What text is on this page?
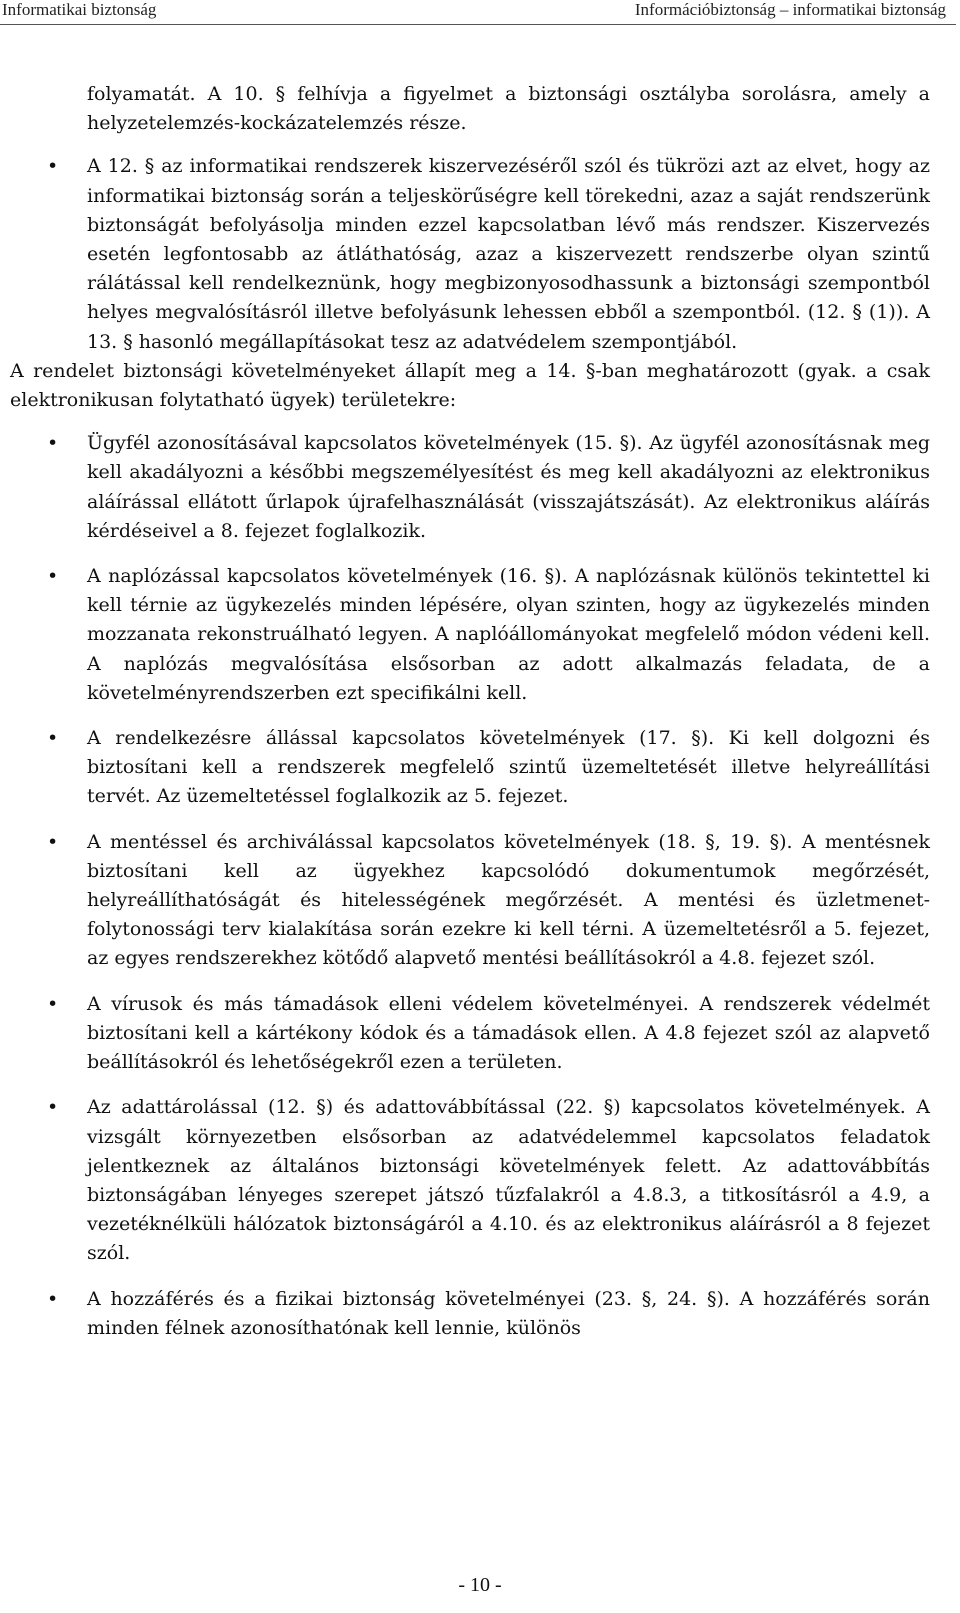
Informatikai biztonság	Információbiztonság – informatikai biztonság

folyamatát. A 10. § felhívja a figyelmet a biztonsági osztályba sorolásra, amely a helyzetelemzés-kockázatelemzés része.

• A 12. § az informatikai rendszerek kiszervezéséről szól és tükrözi azt az elvet, hogy az informatikai biztonság során a teljeskörűségre kell törekedni, azaz a saját rendszerünk biztonságát befolyásolja minden ezzel kapcsolatban lévő más rendszer. Kiszervezés esetén legfontosabb az átláthatóság, azaz a kiszervezett rendszerbe olyan szintű rálátással kell rendelkeznünk, hogy megbizonyosodhassunk a biztonsági szempontból helyes megvalósításról illetve befolyásunk lehessen ebből a szempontból. (12. § (1)). A 13. § hasonló megállapításokat tesz az adatvédelem szempontjából.

A rendelet biztonsági követelményeket állapít meg a 14. §-ban meghatározott (gyak. a csak elektronikusan folytatható ügyek) területekre:

• Ügyfél azonosításával kapcsolatos követelmények (15. §). Az ügyfél azonosításnak meg kell akadályozni a későbbi megszemélyesítést és meg kell akadályozni az elektronikus aláírással ellátott űrlapok újrafelhasználását (visszajátszását). Az elektronikus aláírás kérdéseivel a 8. fejezet foglalkozik.
• A naplózással kapcsolatos követelmények (16. §). A naplózásnak különös tekintettel ki kell térnie az ügykezelés minden lépésére, olyan szinten, hogy az ügykezelés minden mozzanata rekonstruálható legyen. A naplóállományokat megfelelő módon védeni kell. A naplózás megvalósítása elsősorban az adott alkalmazás feladata, de a követelményrendszerben ezt specifikálni kell.
• A rendelkezésre állással kapcsolatos követelmények (17. §). Ki kell dolgozni és biztosítani kell a rendszerek megfelelő szintű üzemeltetését illetve helyreállítási tervét. Az üzemeltetéssel foglalkozik az 5. fejezet.
• A mentéssel és archiválással kapcsolatos követelmények (18. §, 19. §). A mentésnek biztosítani kell az ügyekhez kapcsolódó dokumentumok megőrzését, helyreállíthatóságát és hitelességének megőrzését. A mentési és üzletmenet-folytonossági terv kialakítása során ezekre ki kell térni. A üzemeltetésről a 5. fejezet, az egyes rendszerekhez kötődő alapvető mentési beállításokról a 4.8. fejezet szól.
• A vírusok és más támadások elleni védelem követelményei. A rendszerek védelmét biztosítani kell a kártékony kódok és a támadások ellen. A 4.8 fejezet szól az alapvető beállításokról és lehetőségekről ezen a területen.
• Az adattárolással (12. §) és adattovábbítással (22. §) kapcsolatos követelmények. A vizsgált környezetben elsősorban az adatvédelemmel kapcsolatos feladatok jelentkeznek az általános biztonsági követelmények felett. Az adattovábbítás biztonságában lényeges szerepet játszó tűzfalakról a 4.8.3, a titkosításról a 4.9, a vezetéknélküli hálózatok biztonságáról a 4.10. és az elektronikus aláírásról a 8 fejezet szól.
• A hozzáférés és a fizikai biztonság követelményei (23. §, 24. §). A hozzáférés során minden félnek azonosíthatónak kell lennie, különös
- 10 -
